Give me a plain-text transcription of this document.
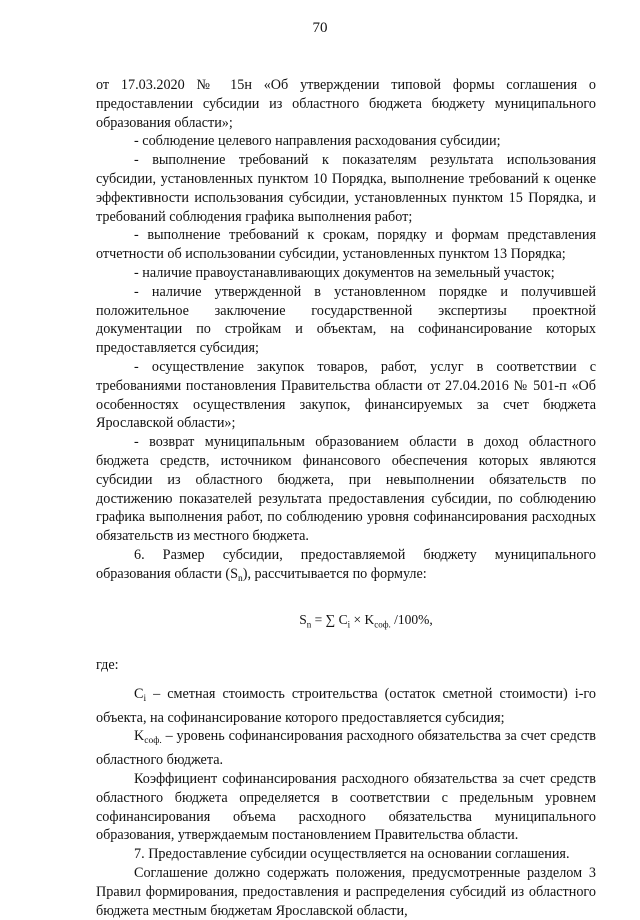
70

от 17.03.2020 № 15н «Об утверждении типовой формы соглашения о предоставлении субсидии из областного бюджета бюджету муниципального образования области»;

- соблюдение целевого направления расходования субсидии;

- выполнение требований к показателям результата использования субсидии, установленных пунктом 10 Порядка, выполнение требований к оценке эффективности использования субсидии, установленных пунктом 15 Порядка, и требований соблюдения графика выполнения работ;

- выполнение требований к срокам, порядку и формам представления отчетности об использовании субсидии, установленных пунктом 13 Порядка;

- наличие правоустанавливающих документов на земельный участок;

- наличие утвержденной в установленном порядке и получившей положительное заключение государственной экспертизы проектной документации по стройкам и объектам, на софинансирование которых предоставляется субсидия;

- осуществление закупок товаров, работ, услуг в соответствии с требованиями постановления Правительства области от 27.04.2016 № 501-п «Об особенностях осуществления закупок, финансируемых за счет бюджета Ярославской области»;

- возврат муниципальным образованием области в доход областного бюджета средств, источником финансового обеспечения которых являются субсидии из областного бюджета, при невыполнении обязательств по достижению показателей результата предоставления субсидии, по соблюдению графика выполнения работ, по соблюдению уровня софинансирования расходных обязательств из местного бюджета.

6. Размер субсидии, предоставляемой бюджету муниципального образования области $(S_n)$, рассчитывается по формуле:

$S_n$ = ∑ $C_i \times K_{соф.}$ /100%,

где:

$C_i$ – сметная стоимость строительства (остаток сметной стоимости) i-го объекта, на софинансирование которого предоставляется субсидия;

$K_{соф.}$ – уровень софинансирования расходного обязательства за счет средств областного бюджета.

Коэффициент софинансирования расходного обязательства за счет средств областного бюджета определяется в соответствии с предельным уровнем софинансирования объема расходного обязательства муниципального образования, утверждаемым постановлением Правительства области.

7. Предоставление субсидии осуществляется на основании соглашения.

Соглашение должно содержать положения, предусмотренные разделом 3 Правил формирования, предоставления и распределения субсидий из областного бюджета местным бюджетам Ярославской области,
